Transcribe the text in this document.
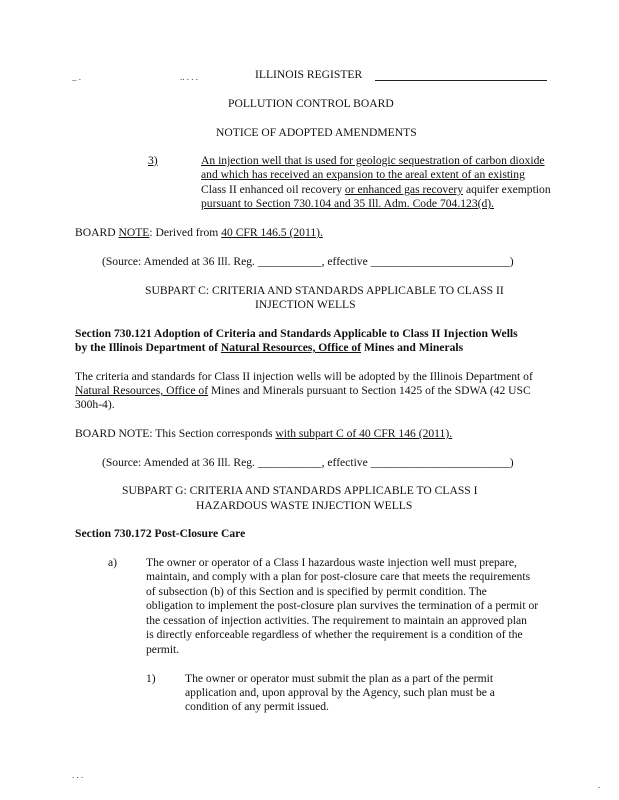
_ .	.. . . .	ILLINOIS REGISTER
POLLUTION CONTROL BOARD
NOTICE OF ADOPTED AMENDMENTS
3)	An injection well that is used for geologic sequestration of carbon dioxide
and which has received an expansion to the areal extent of an existing
Class II enhanced oil recovery or enhanced gas recovery aquifer exemption
pursuant to Section 730.104 and 35 Ill. Adm. Code 704.123(d).
BOARD NOTE: Derived from 40 CFR 146.5 (2011).
(Source: Amended at 36 Ill. Reg. ___________, effective ________________________)
SUBPART C: CRITERIA AND STANDARDS APPLICABLE TO CLASS II
INJECTION WELLS
Section 730.121 Adoption of Criteria and Standards Applicable to Class II Injection Wells
by the Illinois Department of Natural Resources, Office of Mines and Minerals
The criteria and standards for Class II injection wells will be adopted by the Illinois Department of
Natural Resources, Office of Mines and Minerals pursuant to Section 1425 of the SDWA (42 USC
300h-4).
BOARD NOTE: This Section corresponds with subpart C of 40 CFR 146 (2011).
(Source: Amended at 36 Ill. Reg. ___________, effective ________________________)
SUBPART G: CRITERIA AND STANDARDS APPLICABLE TO CLASS I
HAZARDOUS WASTE INJECTION WELLS
Section 730.172 Post-Closure Care
a) The owner or operator of a Class I hazardous waste injection well must prepare,
maintain, and comply with a plan for post-closure care that meets the requirements
of subsection (b) of this Section and is specified by permit condition. The
obligation to implement the post-closure plan survives the termination of a permit or
the cessation of injection activities. The requirement to maintain an approved plan
is directly enforceable regardless of whether the requirement is a condition of the
permit.
1)	The owner or operator must submit the plan as a part of the permit
application and, upon approval by the Agency, such plan must be a
condition of any permit issued.
. . .
.
